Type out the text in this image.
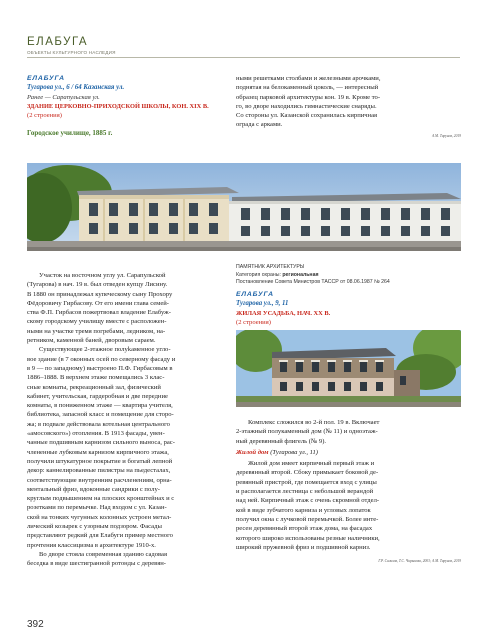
ЕЛАБУГА
ОБЪЕКТЫ КУЛЬТУРНОГО НАСЛЕДИЯ
ЕЛАБУГА
Тугарова ул., 6 / 64 Казанская ул.
Ранее — Сарапульская ул.
ЗДАНИЕ ЦЕРКОВНО-ПРИХОДСКОЙ ШКОЛЫ, КОН. XIX В.
(2 строения)
Городское училище, 1885 г.
ными решетками столбами и железными арочками,
поднятая на белокаменный цоколь, — интересный
образец парковой архитектуры кон. 19 в. Кроме то-
го, во дворе находились гимнастические снаряды.
Со стороны ул. Казанской сохранилась кирпичная
ограда с арками.
А.М. Тарунов, 2019
Участок на восточном углу ул. Сарапульской
(Тугарова) в нач. 19 в. был отведен купцу Лисину.
В 1880 он принадлежал купеческому сыну Прохору
Фёдоровичу Гирбасову. От его имени глава семей-
ства Ф.П. Гирбасов пожертвовал владение Елабуж-
скому городскому училищу вместе с расположен-
ными на участке тремя погребами, ледником, на-
ретником, каменной баней, дворовым сараем.
Существующее 2-этажное полуkаменное угло-
вое здание (в 7 оконных осей по северному фасаду и
в 9 — по западному) выстроено П.Ф. Гирбасовым в
1886–1888. В верхнем этаже помещались 3 клас-
сные комнаты, рекреационный зал, физический
кабинет, учительская, гардеробная и две передние
комнаты, в пониженном этаже — квартира учителя,
библиотека, запасной класс и помещение для сторо-
жа; в подвале действовала котельная центрального
«амосовского») отопления. В 1913 фасады, увен-
чанные подшивным карнизом сильного выноса, рас-
члененные лубковым карнизом кирпичного этажа,
получили штукатурное покрытие и богатый лепной
декор: каннелированные пилястры на пьедесталах,
соответствующие внутренним расчленениям, орна-
ментальный фриз, вдоконные сандрики с полу-
круглым подвышением на плоских кронштейнах и с
розетками по перемычке. Над входом с ул. Казан-
ской на тонких чугунных колонных устроен метал-
лический козырек с узорным подзором. Фасады
представляют редкий для Елабуги пример местного
прочтения классицизма в архитектуре 1910-х.
Во дворе стояла современная зданию садовая
беседка в виде шестигранной ротонды с деревян-
ПАМЯТНИК АРХИТЕКТУРЫ
Категория охраны: региональная
Постановление Совета Министров ТАССР от 08.06.1987 № 264
ЕЛАБУГА
Тугарова ул., 9, 11
ЖИЛАЯ УСАДЬБА, НАЧ. XX В.
(2 строения)
Комплекс сложился во 2-й пол. 19 в. Включает
2-этажный полукаменный дом (№ 11) и одноэтаж-
ный деревянный флигель (№ 9).
Жилой дом (Тугарова ул., 11)
Жилой дом имеет кирпичный первый этаж и
деревянный второй. Сбоку примыкает боковой де-
ревянный пристрой, где помещается вход с улицы
и располагается лестница с небольшой верандой
над ней. Кирпичный этаж с очень скромной отдел-
кой в виде зубчатого карниза и угловых лопаток
получил окна с лучковой перемычкой. Более инте-
ресен деревянный второй этаж дома, на фасадах
которого широко использованы резные наличники,
широкий пружевной фриз и подшивной карниз.
Г.Р. Салихов, Т.С. Чирыкова, 2003; А.М. Тарунов, 2019
392
